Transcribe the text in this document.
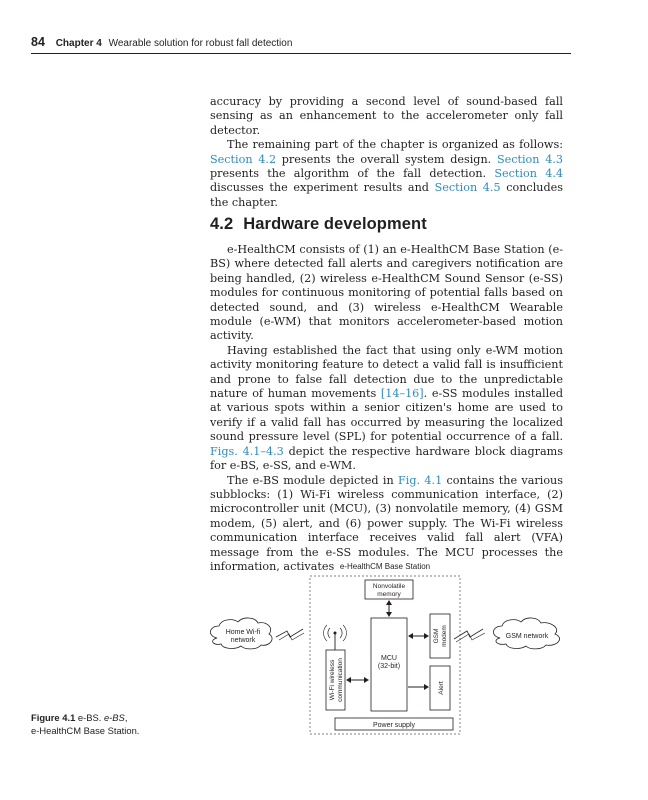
84 Chapter 4 Wearable solution for robust fall detection

accuracy by providing a second level of sound-based fall sensing as an enhancement to the accelerometer only fall detector.

The remaining part of the chapter is organized as follows: Section 4.2 presents the overall system design. Section 4.3 presents the algorithm of the fall detection. Section 4.4 discusses the experiment results and Section 4.5 concludes the chapter.

4.2 Hardware development

e-HealthCM consists of (1) an e-HealthCM Base Station (e-BS) where detected fall alerts and caregivers notification are being handled, (2) wireless e-HealthCM Sound Sensor (e-SS) modules for continuous monitoring of potential falls based on detected sound, and (3) wireless e-HealthCM Wearable module (e-WM) that monitors accelerometer-based motion activity.

Having established the fact that using only e-WM motion activity monitoring feature to detect a valid fall is insufficient and prone to false fall detection due to the unpredictable nature of human movements [14–16]. e-SS modules installed at various spots within a senior citizen's home are used to verify if a valid fall has occurred by measuring the localized sound pressure level (SPL) for potential occurrence of a fall. Figs. 4.1–4.3 depict the respective hardware block diagrams for e-BS, e-SS, and e-WM.

The e-BS module depicted in Fig. 4.1 contains the various subblocks: (1) Wi-Fi wireless communication interface, (2) microcontroller unit (MCU), (3) nonvolatile memory, (4) GSM modem, (5) alert, and (6) power supply. The Wi-Fi wireless communication interface receives valid fall alert (VFA) message from the e-SS modules. The MCU processes the information, activates e-HealthCM Base Station
Nonvolatile
memory
Home Wi-fi
network
Wi-Fi wireless communication	MCU
(32-bit)
GSM modem
Alert
GSM network
Power supply
Figure 4.1 e-BS. e-BS,
e-HealthCM Base Station.
